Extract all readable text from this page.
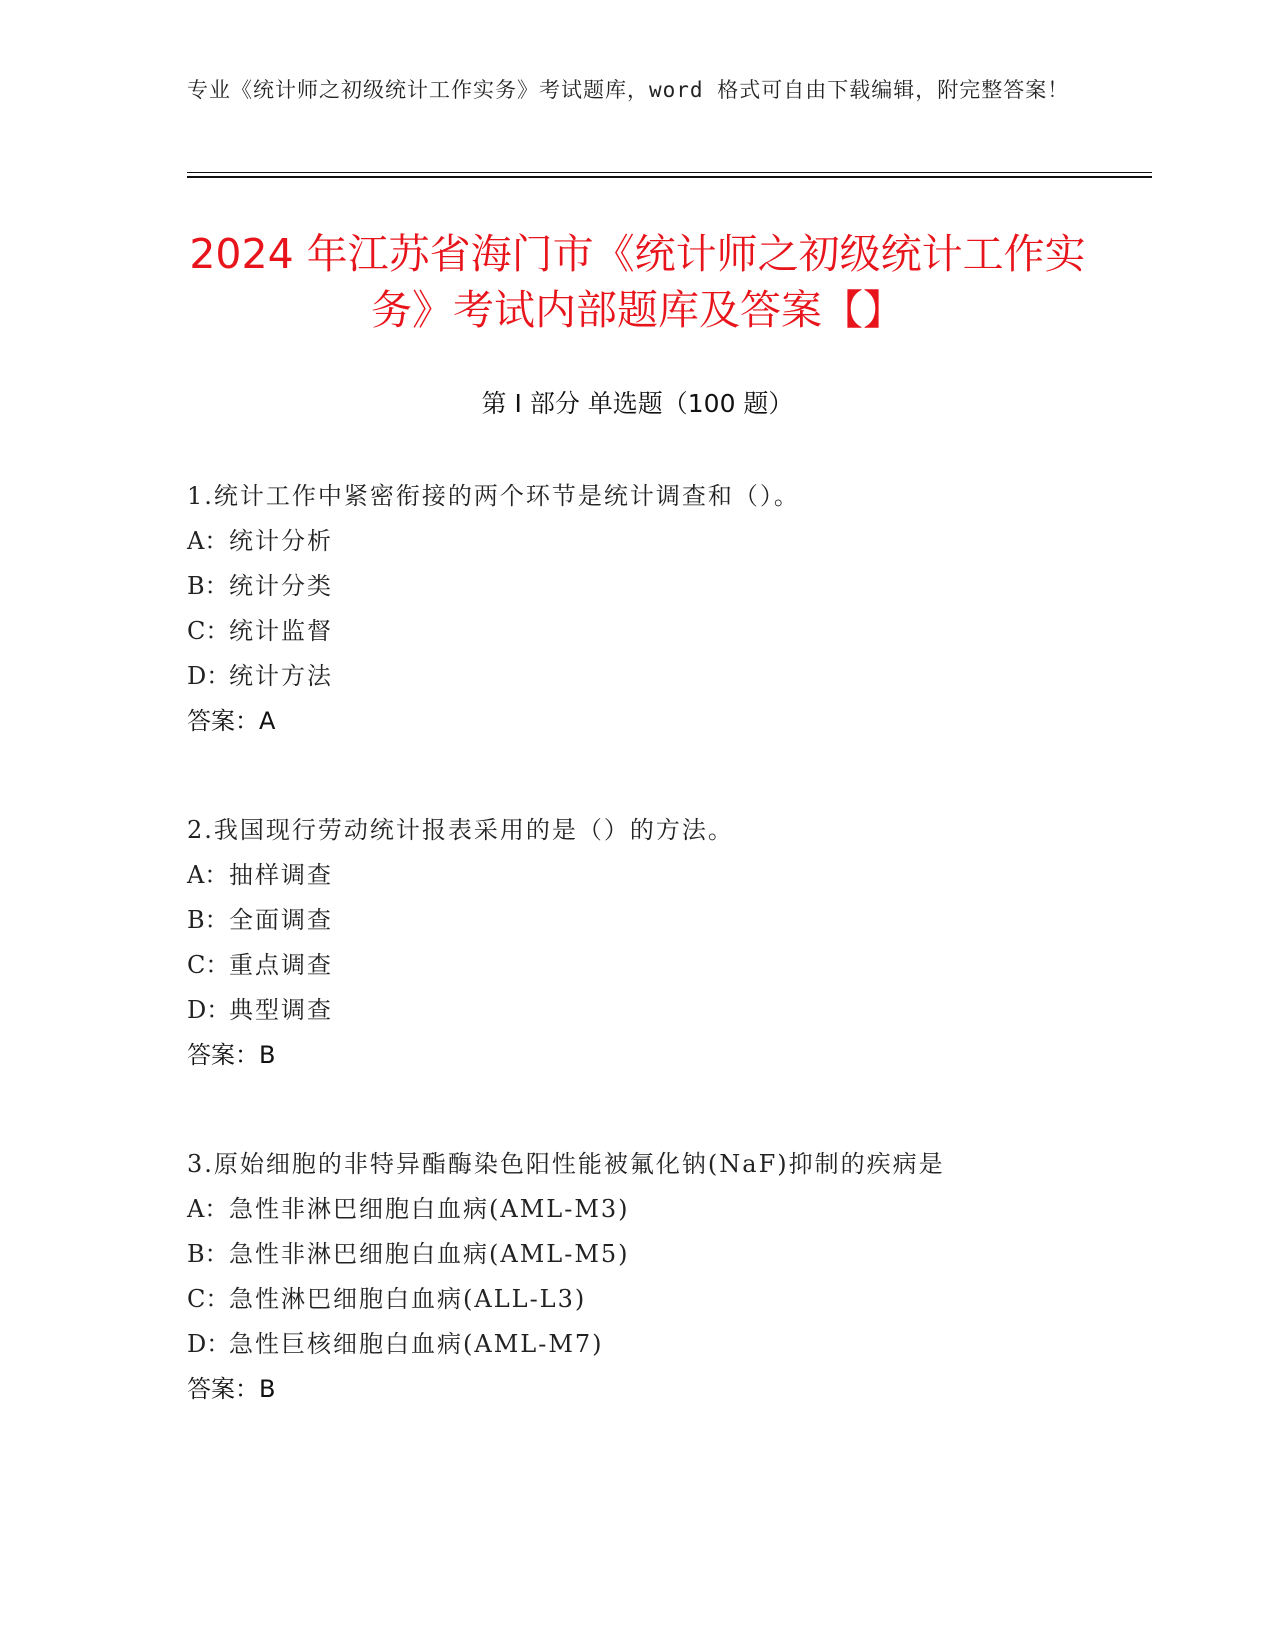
专业《统计师之初级统计工作实务》考试题库，word 格式可自由下载编辑，附完整答案！
2024 年江苏省海门市《统计师之初级统计工作实务》考试内部题库及答案【】
第 I 部分 单选题（100 题）
1.统计工作中紧密衔接的两个环节是统计调查和（）。
A：统计分析
B：统计分类
C：统计监督
D：统计方法
答案：A
2.我国现行劳动统计报表采用的是（）的方法。
A：抽样调查
B：全面调查
C：重点调查
D：典型调查
答案：B
3.原始细胞的非特异酯酶染色阳性能被氟化钠(NaF)抑制的疾病是
A：急性非淋巴细胞白血病(AML-M3)
B：急性非淋巴细胞白血病(AML-M5)
C：急性淋巴细胞白血病(ALL-L3)
D：急性巨核细胞白血病(AML-M7)
答案：B
